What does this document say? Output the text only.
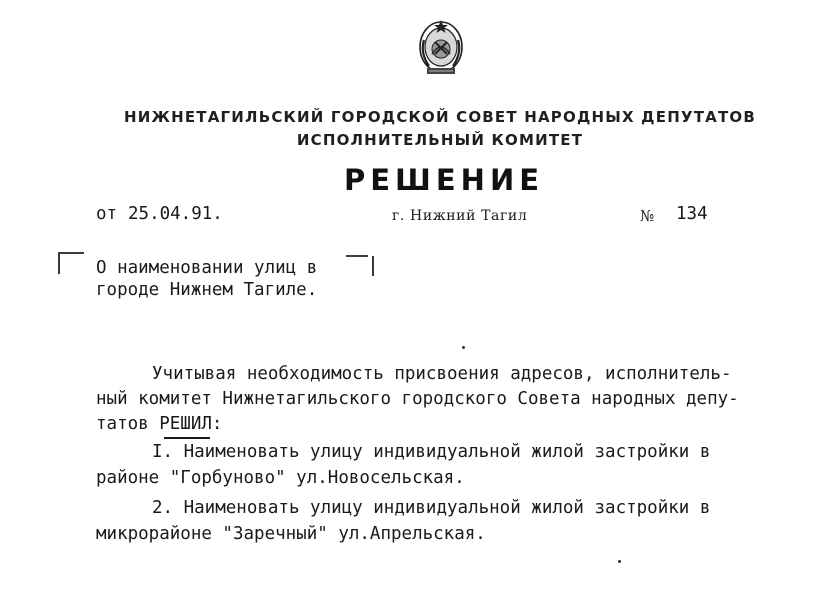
НИЖНЕТАГИЛЬСКИЙ ГОРОДСКОЙ СОВЕТ НАРОДНЫХ ДЕПУТАТОВ
ИСПОЛНИТЕЛЬНЫЙ КОМИТЕТ
РЕШЕНИЕ
от 25.04.91.	г. Нижний Тагил	№ 134
О наименовании улиц в
городе Нижнем Тагиле.
Учитывая необходимость присвоения адресов, исполнитель-
ный комитет Нижнетагильского городского Совета народных депу-
татов РЕШИЛ:
I. Наименовать улицу индивидуальной жилой застройки в
районе "Горбуново" ул.Новосельская.
2. Наименовать улицу индивидуальной жилой застройки в
микрорайоне "Заречный" ул.Апрельская.
